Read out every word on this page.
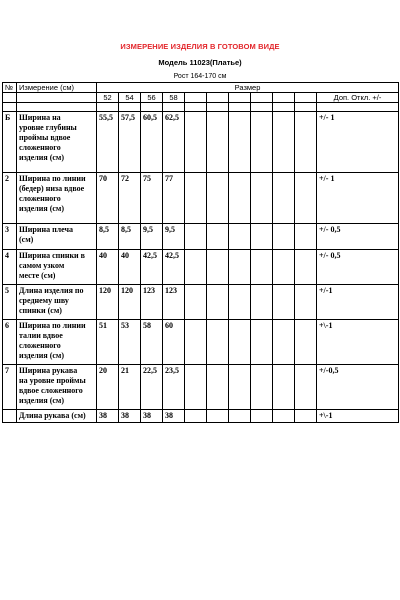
ИЗМЕРЕНИЕ ИЗДЕЛИЯ В ГОТОВОМ ВИДЕ
Модель 11023(Платье)
Рост 164-170 см
№	Измерение (см)	Размер										
		52	54	56	58							Доп. Откл. +/-

Б	Ширина на
уровне глубины
проймы вдвое
сложенного
изделия (см)	55,5	57,5	60,5	62,5							+/- 1
2	Ширина по линии
(бедер) низа вдвое
сложенного
изделия (см)	70	72	75	77							+/- 1
3	Ширина плеча
(см)	8,5	8,5	9,5	9,5							+/- 0,5
4	Ширина спинки в
самом узком
месте (см)	40	40	42,5	42,5							+/- 0,5
5	Длина изделия по
среднему шву
спинки (см)	120	120	123	123							+/-1
6	Ширина по линии
талии вдвое
сложенного
изделия (см)	51	53	58	60							+\-1
7	Ширина рукава
на уровне проймы
вдвое сложенного
изделия (см)	20	21	22,5	23,5							+/-0,5
	Длина рукава (см)	38	38	38	38							+\-1
